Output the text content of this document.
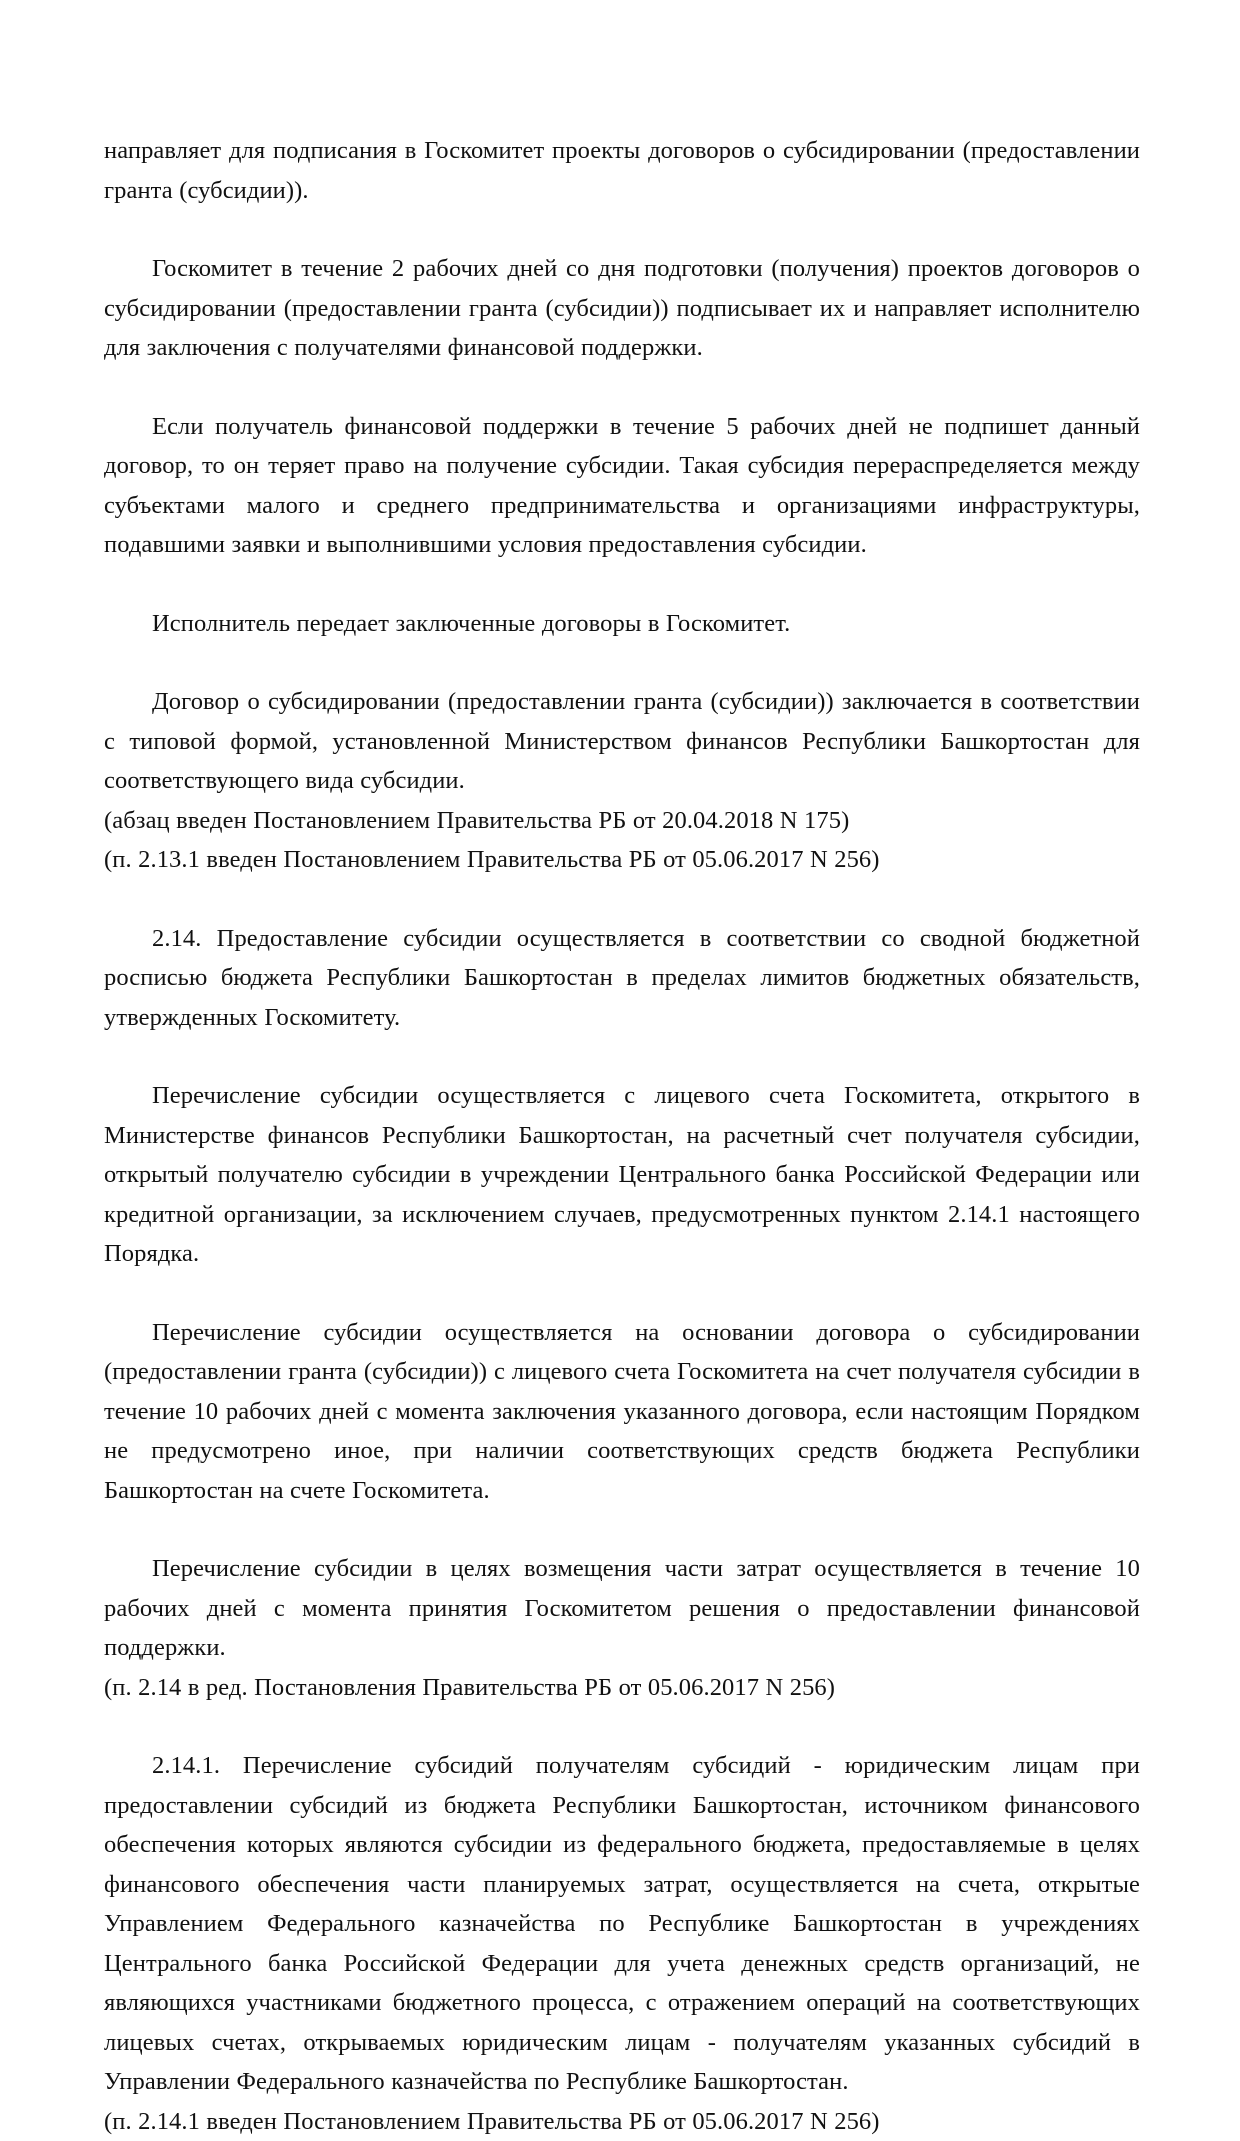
направляет для подписания в Госкомитет проекты договоров о субсидировании (предоставлении гранта (субсидии)).

Госкомитет в течение 2 рабочих дней со дня подготовки (получения) проектов договоров о субсидировании (предоставлении гранта (субсидии)) подписывает их и направляет исполнителю для заключения с получателями финансовой поддержки.

Если получатель финансовой поддержки в течение 5 рабочих дней не подпишет данный договор, то он теряет право на получение субсидии. Такая субсидия перераспределяется между субъектами малого и среднего предпринимательства и организациями инфраструктуры, подавшими заявки и выполнившими условия предоставления субсидии.

Исполнитель передает заключенные договоры в Госкомитет.

Договор о субсидировании (предоставлении гранта (субсидии)) заключается в соответствии с типовой формой, установленной Министерством финансов Республики Башкортостан для соответствующего вида субсидии.

(абзац введен Постановлением Правительства РБ от 20.04.2018 N 175)

(п. 2.13.1 введен Постановлением Правительства РБ от 05.06.2017 N 256)

2.14. Предоставление субсидии осуществляется в соответствии со сводной бюджетной росписью бюджета Республики Башкортостан в пределах лимитов бюджетных обязательств, утвержденных Госкомитету.

Перечисление субсидии осуществляется с лицевого счета Госкомитета, открытого в Министерстве финансов Республики Башкортостан, на расчетный счет получателя субсидии, открытый получателю субсидии в учреждении Центрального банка Российской Федерации или кредитной организации, за исключением случаев, предусмотренных пунктом 2.14.1 настоящего Порядка.

Перечисление субсидии осуществляется на основании договора о субсидировании (предоставлении гранта (субсидии)) с лицевого счета Госкомитета на счет получателя субсидии в течение 10 рабочих дней с момента заключения указанного договора, если настоящим Порядком не предусмотрено иное, при наличии соответствующих средств бюджета Республики Башкортостан на счете Госкомитета.

Перечисление субсидии в целях возмещения части затрат осуществляется в течение 10 рабочих дней с момента принятия Госкомитетом решения о предоставлении финансовой поддержки.

(п. 2.14 в ред. Постановления Правительства РБ от 05.06.2017 N 256)

2.14.1. Перечисление субсидий получателям субсидий - юридическим лицам при предоставлении субсидий из бюджета Республики Башкортостан, источником финансового обеспечения которых являются субсидии из федерального бюджета, предоставляемые в целях финансового обеспечения части планируемых затрат, осуществляется на счета, открытые Управлением Федерального казначейства по Республике Башкортостан в учреждениях Центрального банка Российской Федерации для учета денежных средств организаций, не являющихся участниками бюджетного процесса, с отражением операций на соответствующих лицевых счетах, открываемых юридическим лицам - получателям указанных субсидий в Управлении Федерального казначейства по Республике Башкортостан.

(п. 2.14.1 введен Постановлением Правительства РБ от 05.06.2017 N 256)
